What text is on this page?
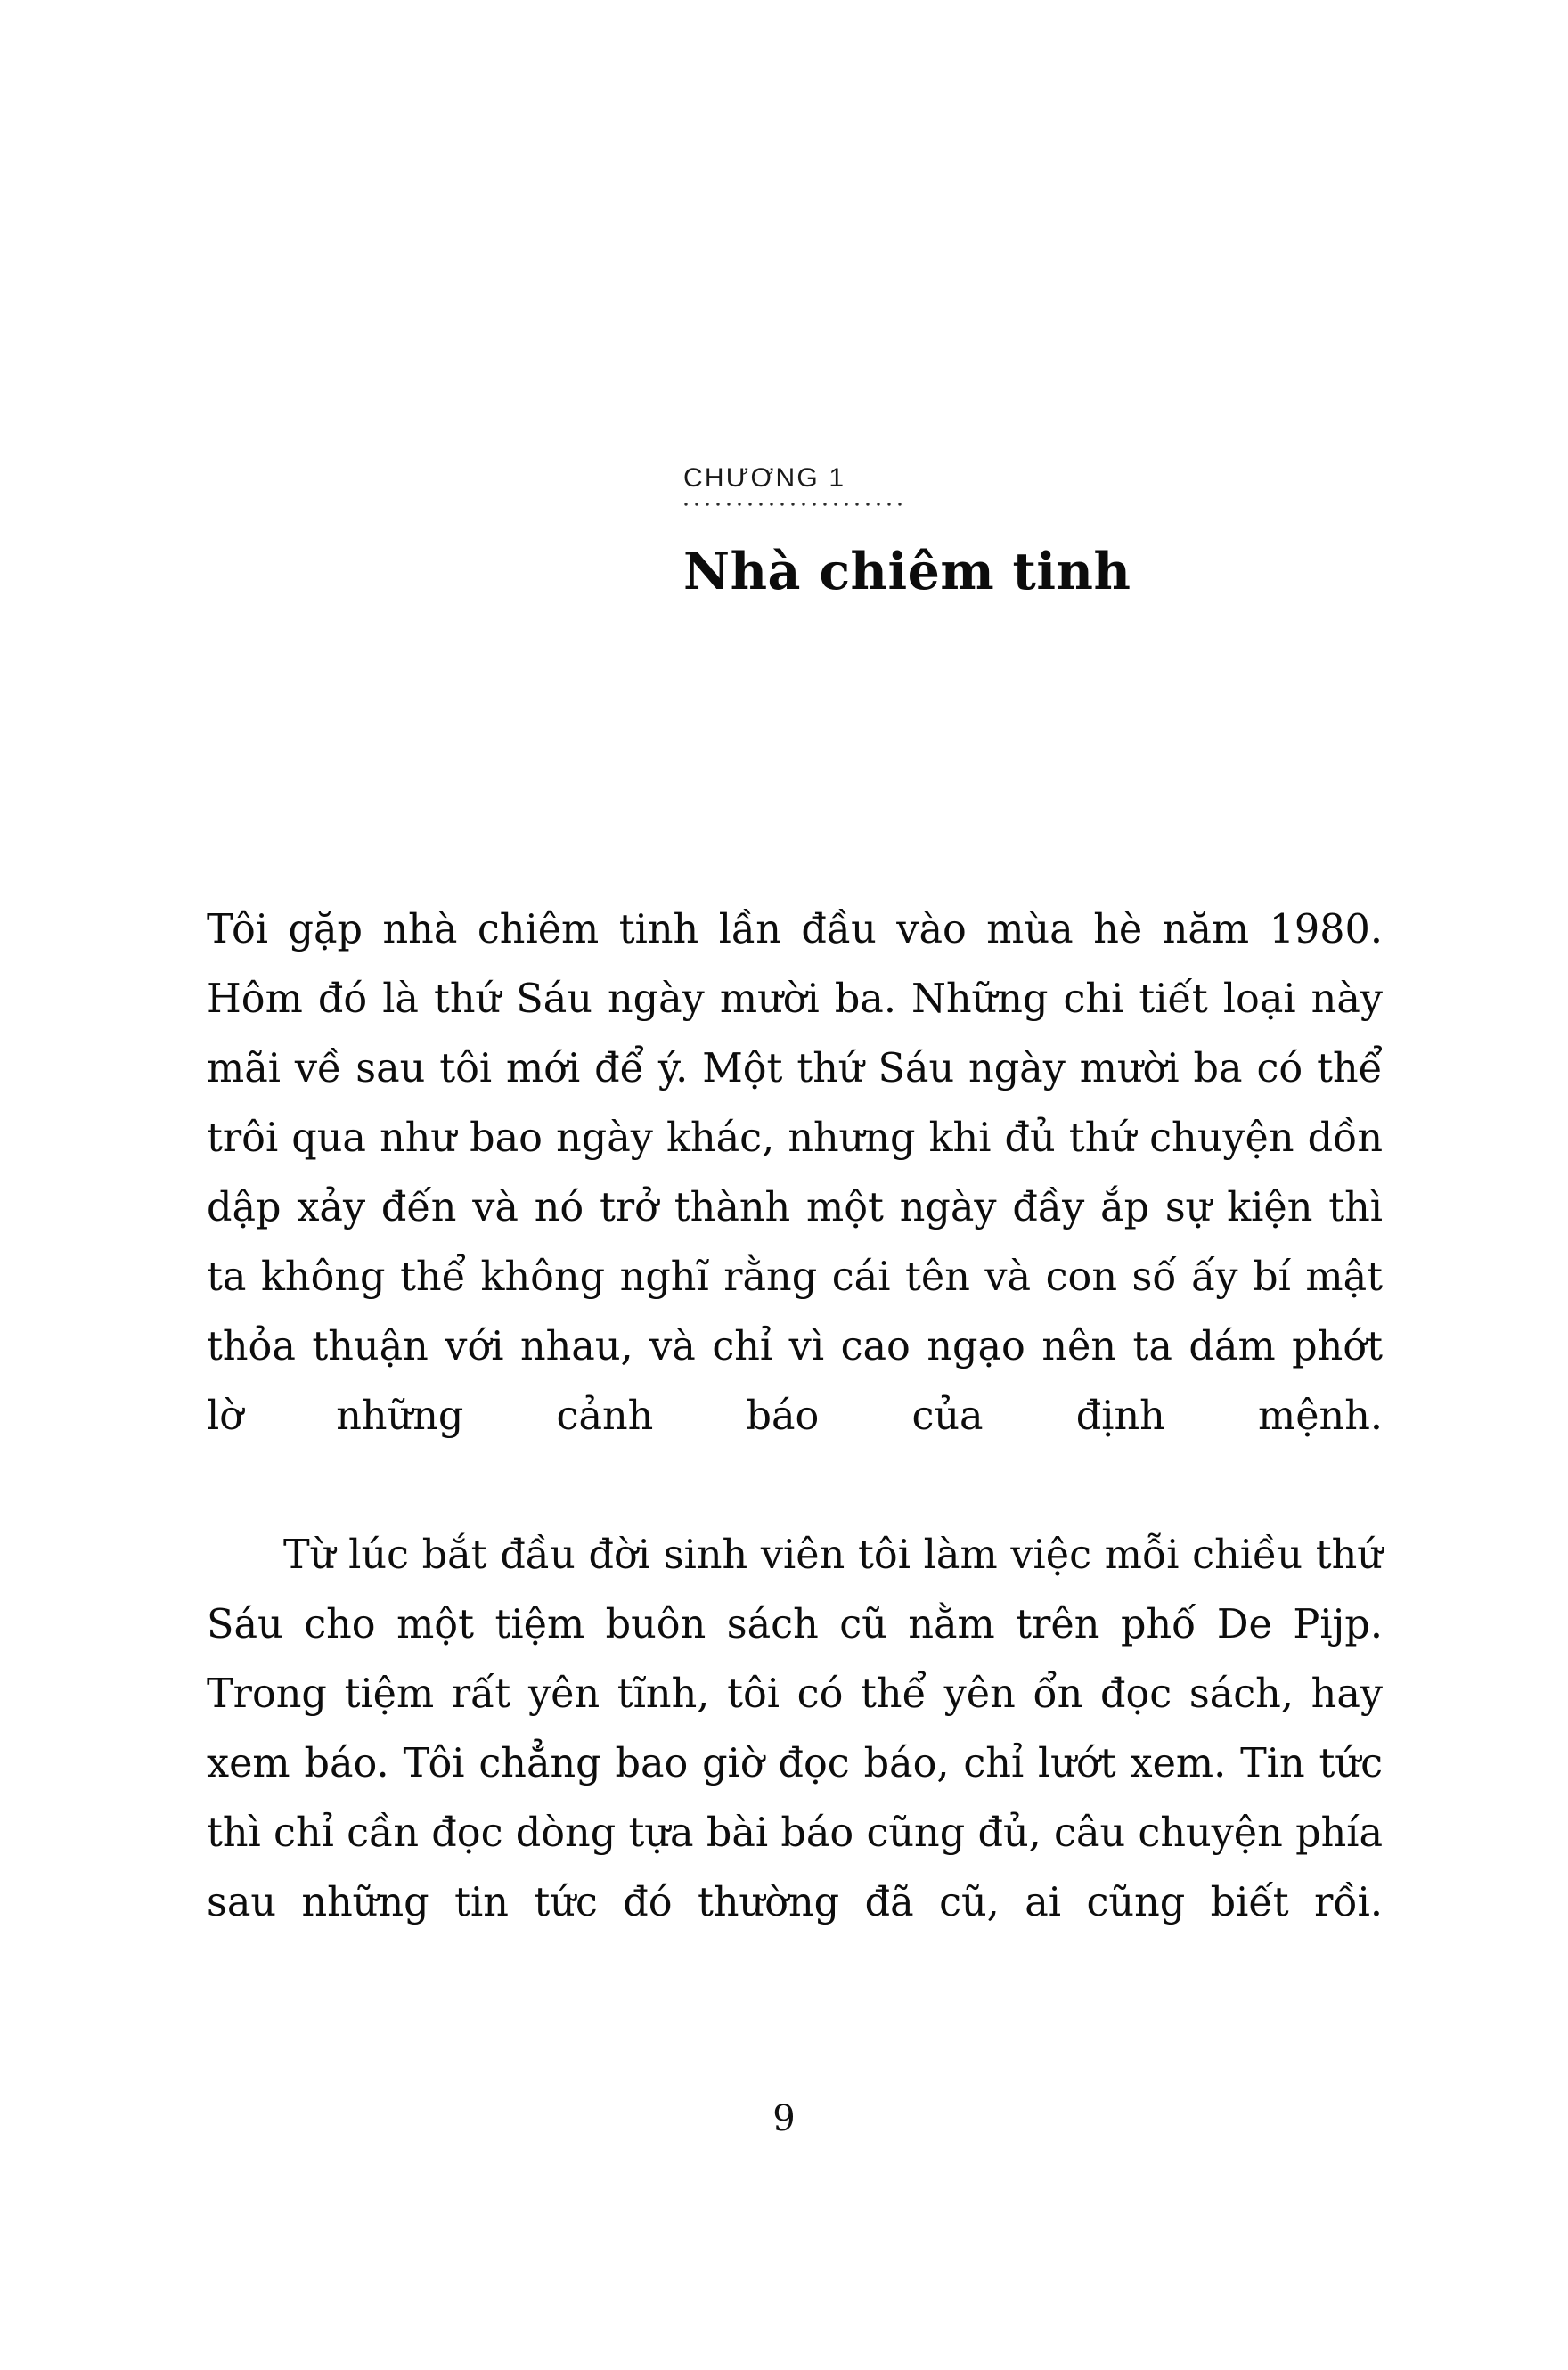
CHƯƠNG 1
Nhà chiêm tinh

Tôi gặp nhà chiêm tinh lần đầu vào mùa hè năm 1980. Hôm đó là thứ Sáu ngày mười ba. Những chi tiết loại này mãi về sau tôi mới để ý. Một thứ Sáu ngày mười ba có thể trôi qua như bao ngày khác, nhưng khi đủ thứ chuyện dồn dập xảy đến và nó trở thành một ngày đầy ắp sự kiện thì ta không thể không nghĩ rằng cái tên và con số ấy bí mật thỏa thuận với nhau, và chỉ vì cao ngạo nên ta dám phớt lờ những cảnh báo của định mệnh.

Từ lúc bắt đầu đời sinh viên tôi làm việc mỗi chiều thứ Sáu cho một tiệm buôn sách cũ nằm trên phố De Pijp. Trong tiệm rất yên tĩnh, tôi có thể yên ổn đọc sách, hay xem báo. Tôi chẳng bao giờ đọc báo, chỉ lướt xem. Tin tức thì chỉ cần đọc dòng tựa bài báo cũng đủ, câu chuyện phía sau những tin tức đó thường đã cũ, ai cũng biết rồi.

9
